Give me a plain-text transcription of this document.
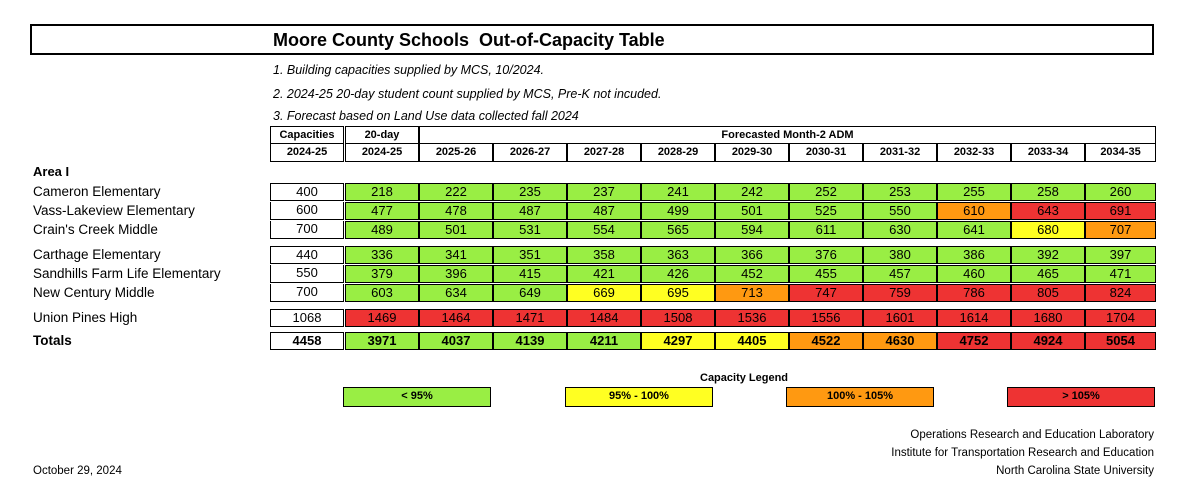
Moore County Schools  Out-of-Capacity Table
1. Building capacities supplied by MCS, 10/2024.
2. 2024-25 20-day student count supplied by MCS, Pre-K not incuded.
3. Forecast based on Land Use data collected fall 2024
Capacities	20-day	Forecasted Month-2 ADM
2024-25	2024-25	2025-26	2026-27	2027-28	2028-29	2029-30	2030-31	2031-32	2032-33	2033-34	2034-35
Cameron Elementary	400	218	222	235	237	241	242	252	253	255	258	260
Vass-Lakeview Elementary	600	477	478	487	487	499	501	525	550	610	643	691
Crain's Creek Middle	700	489	501	531	554	565	594	611	630	641	680	707
Carthage Elementary	440	336	341	351	358	363	366	376	380	386	392	397
Sandhills Farm Life Elementary	550	379	396	415	421	426	452	455	457	460	465	471
New Century Middle	700	603	634	649	669	695	713	747	759	786	805	824
Union Pines High	1068	1469	1464	1471	1484	1508	1536	1556	1601	1614	1680	1704
Totals	4458	3971	4037	4139	4211	4297	4405	4522	4630	4752	4924	5054
Area I
Capacity Legend
< 95%	95% - 100%	100% - 105%	> 105%
October 29, 2024
Operations Research and Education Laboratory
Institute for Transportation Research and Education
North Carolina State University
